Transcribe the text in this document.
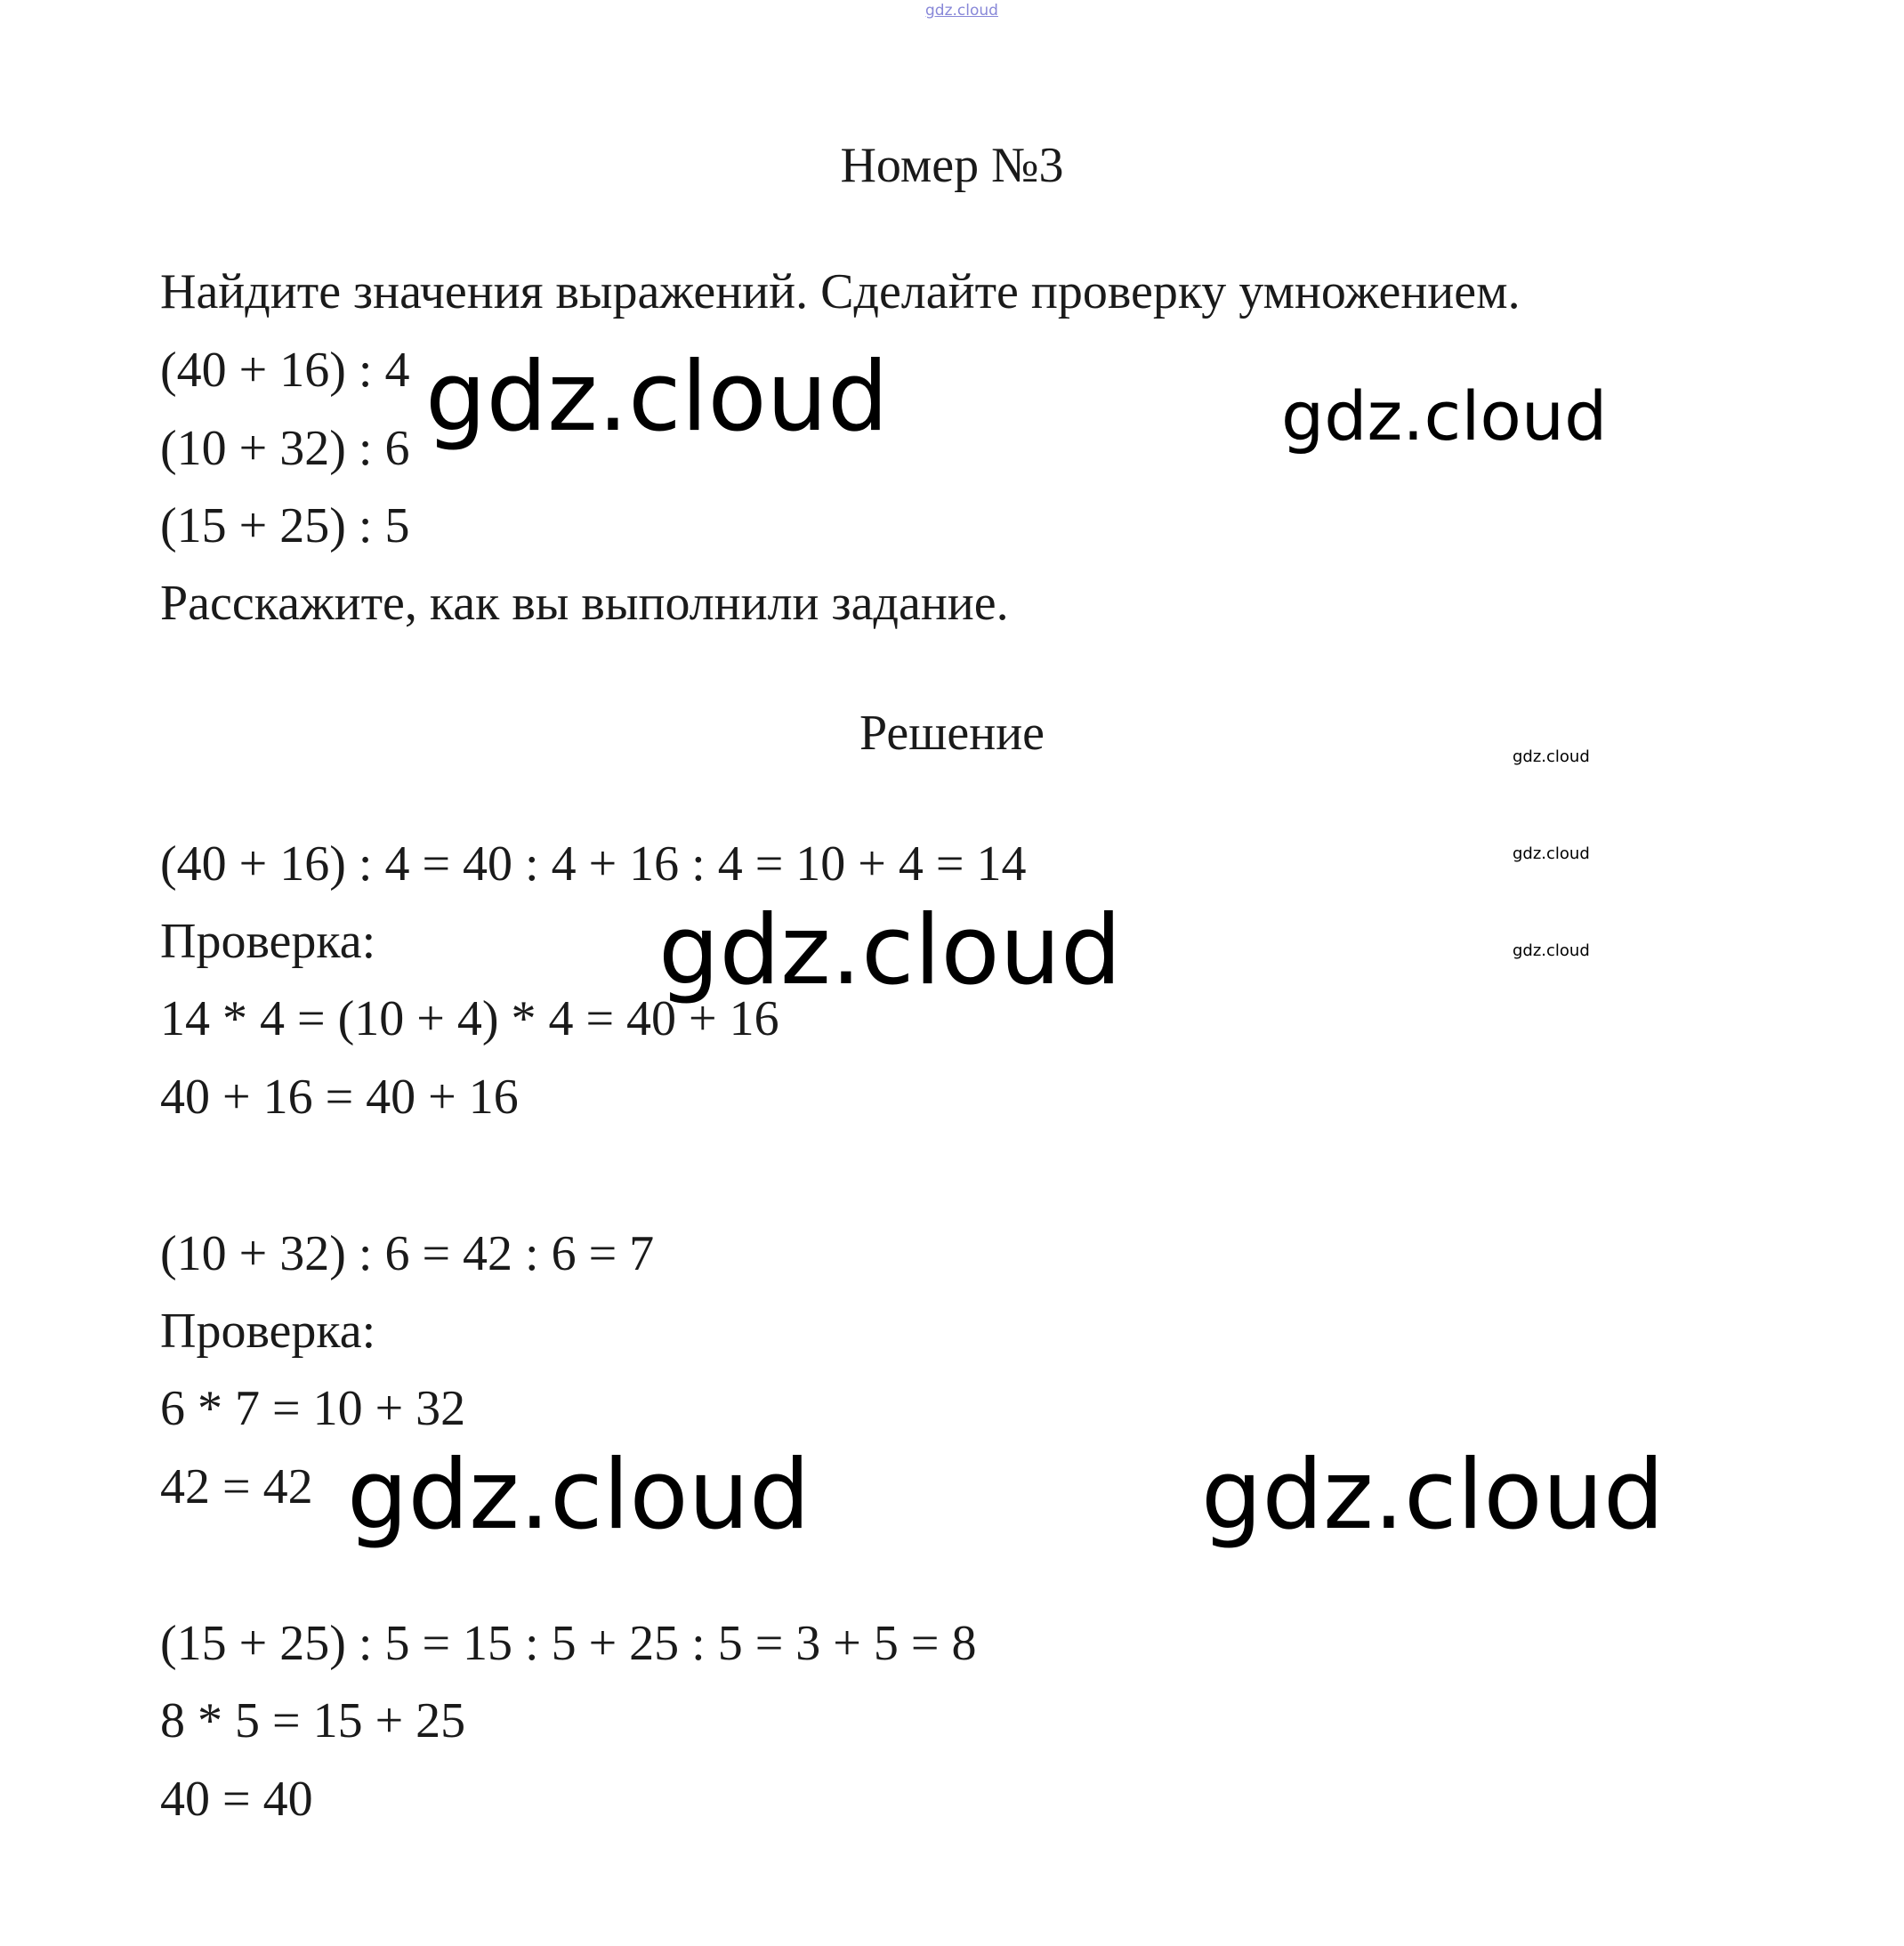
gdz.cloud
Номер №3
Найдите значения выражений. Сделайте проверку умножением.
(40 + 16) : 4
(10 + 32) : 6
(15 + 25) : 5
Расскажите, как вы выполнили задание.
Решение
(40 + 16) : 4 = 40 : 4 + 16 : 4 = 10 + 4 = 14
Проверка:
14 * 4 = (10 + 4) * 4 = 40 + 16
40 + 16 = 40 + 16
(10 + 32) : 6 = 42 : 6 = 7
Проверка:
6 * 7 = 10 + 32
42 = 42
(15 + 25) : 5 = 15 : 5 + 25 : 5 = 3 + 5 = 8
8 * 5 = 15 + 25
40 = 40
gdz.cloud	gdz.cloud
gdz.cloud
gdz.cloud
gdz.cloud
gdz.cloud
gdz.cloud	gdz.cloud
